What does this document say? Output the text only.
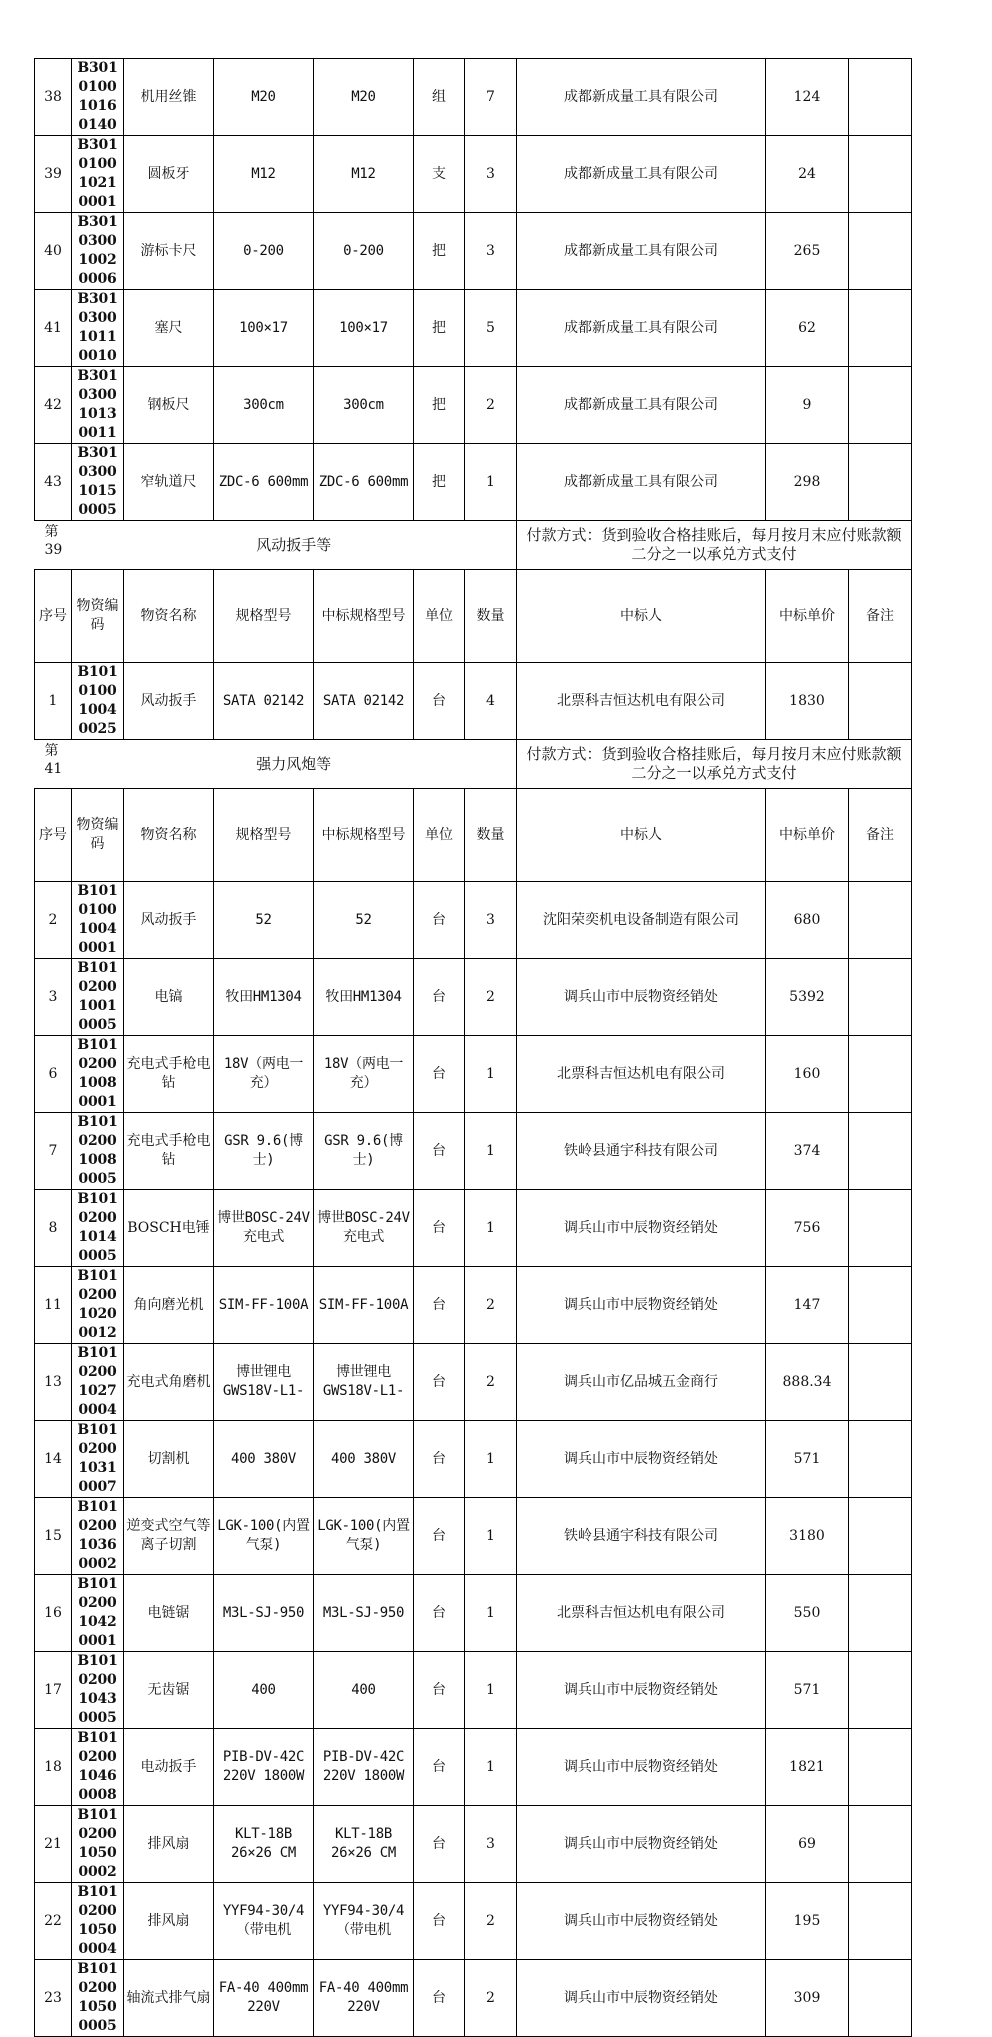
38	B301010010160140	机用丝锥	M20	M20	组	7	成都新成量工具有限公司	124	
39	B301010010210001	圆板牙	M12	M12	支	3	成都新成量工具有限公司	24	
40	B301030010020006	游标卡尺	0-200	0-200	把	3	成都新成量工具有限公司	265	
41	B301030010110010	塞尺	100×17	100×17	把	5	成都新成量工具有限公司	62	
42	B301030010130011	钢板尺	300cm	300cm	把	2	成都新成量工具有限公司	9	
43	B301030010150005	窄轨道尺	ZDC-6 600mm	ZDC-6 600mm	把	1	成都新成量工具有限公司	298	
第39	风动扳手等						付款方式：货到验收合格挂账后，每月按月末应付账款额二分之一以承兑方式支付		
序号	物资编码	物资名称	规格型号	中标规格型号	单位	数量	中标人	中标单价	备注
1	B101010010040025	风动扳手	SATA 02142	SATA 02142	台	4	北票科吉恒达机电有限公司	1830	
第41	强力风炮等						付款方式：货到验收合格挂账后，每月按月末应付账款额二分之一以承兑方式支付		
序号	物资编码	物资名称	规格型号	中标规格型号	单位	数量	中标人	中标单价	备注
2	B101010010040001	风动扳手	52	52	台	3	沈阳荣奕机电设备制造有限公司	680	
3	B101020010010005	电镐	牧田HM1304	牧田HM1304	台	2	调兵山市中辰物资经销处	5392	
6	B101020010080001	充电式手枪电钻	18V（两电一充）	18V（两电一充）	台	1	北票科吉恒达机电有限公司	160	
7	B101020010080005	充电式手枪电钻	GSR 9.6(博士)	GSR 9.6(博士)	台	1	铁岭县通宇科技有限公司	374	
8	B101020010140005	BOSCH电锤	博世BOSC-24V 充电式	博世BOSC-24V 充电式	台	1	调兵山市中辰物资经销处	756	
11	B101020010200012	角向磨光机	SIM-FF-100A	SIM-FF-100A	台	2	调兵山市中辰物资经销处	147	
13	B101020010270004	充电式角磨机	博世锂电GWS18V-L1-	博世锂电GWS18V-L1-	台	2	调兵山市亿品城五金商行	888.34	
14	B101020010310007	切割机	400 380V	400 380V	台	1	调兵山市中辰物资经销处	571	
15	B101020010360002	逆变式空气等离子切割	LGK-100(内置气泵)	LGK-100(内置气泵)	台	1	铁岭县通宇科技有限公司	3180	
16	B101020010420001	电链锯	M3L-SJ-950	M3L-SJ-950	台	1	北票科吉恒达机电有限公司	550	
17	B101020010430005	无齿锯	400	400	台	1	调兵山市中辰物资经销处	571	
18	B101020010460008	电动扳手	PIB-DV-42C 220V 1800W	PIB-DV-42C 220V 1800W	台	1	调兵山市中辰物资经销处	1821	
21	B101020010500002	排风扇	KLT-18B 26×26 CM	KLT-18B 26×26 CM	台	3	调兵山市中辰物资经销处	69	
22	B101020010500004	排风扇	YYF94-30/4（带电机	YYF94-30/4（带电机	台	2	调兵山市中辰物资经销处	195	
23	B101020010500005	轴流式排气扇	FA-40 400mm 220V	FA-40 400mm 220V	台	2	调兵山市中辰物资经销处	309	
